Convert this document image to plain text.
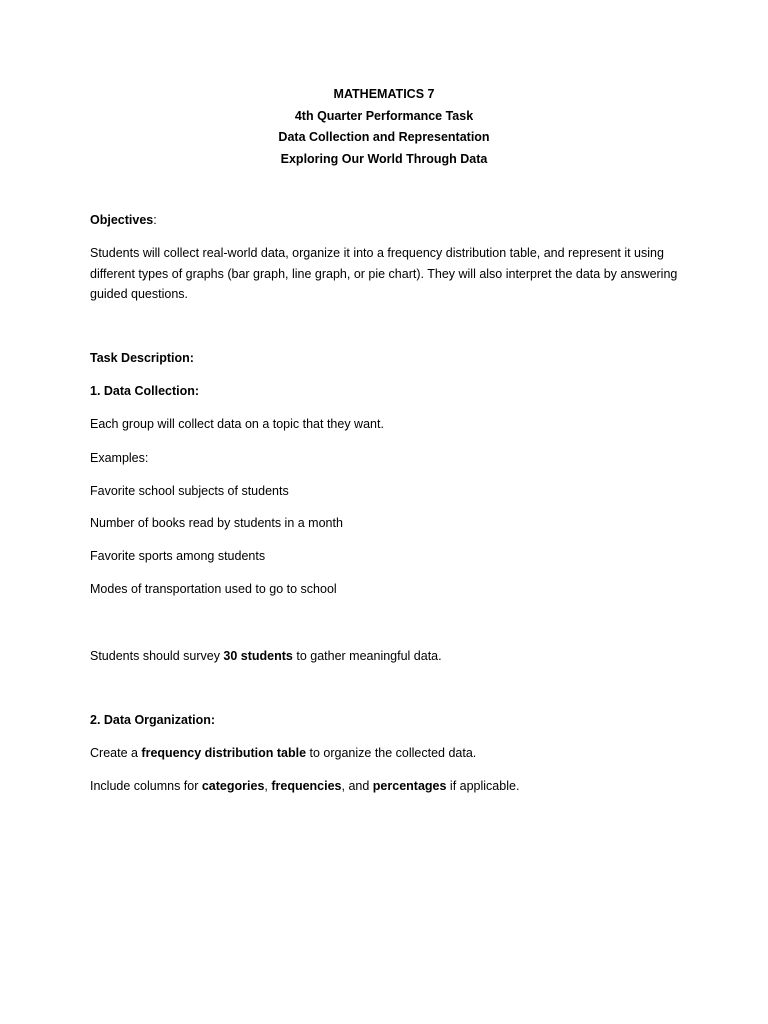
MATHEMATICS 7
4th Quarter Performance Task
Data Collection and Representation
Exploring Our World Through Data
Objectives:
Students will collect real-world data, organize it into a frequency distribution table, and represent it using different types of graphs (bar graph, line graph, or pie chart). They will also interpret the data by answering guided questions.
Task Description:
1. Data Collection:
Each group will collect data on a topic that they want.
Examples:
Favorite school subjects of students
Number of books read by students in a month
Favorite sports among students
Modes of transportation used to go to school
Students should survey 30 students to gather meaningful data.
2. Data Organization:
Create a frequency distribution table to organize the collected data.
Include columns for categories, frequencies, and percentages if applicable.
